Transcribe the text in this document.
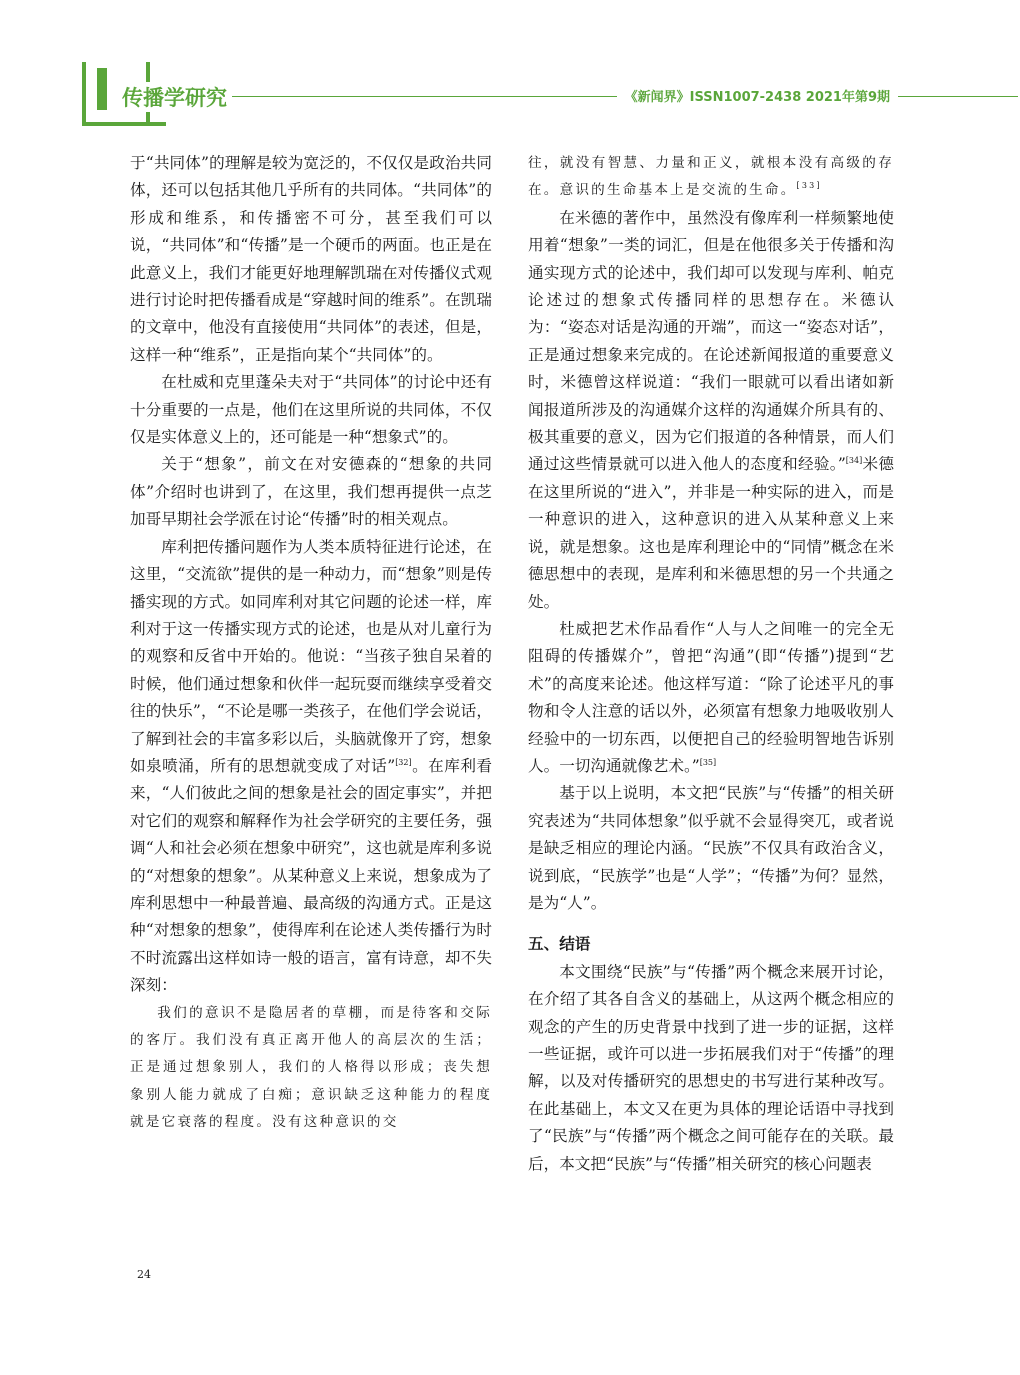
传播学研究	《新闻界》ISSN1007-2438 2021年第9期

于“共同体”的理解是较为宽泛的，不仅仅是政治共同体，还可以包括其他几乎所有的共同体。“共同体”的形成和维系，和传播密不可分，甚至我们可以说，“共同体”和“传播”是一个硬币的两面。也正是在此意义上，我们才能更好地理解凯瑞在对传播仪式观进行讨论时把传播看成是“穿越时间的维系”。在凯瑞的文章中，他没有直接使用“共同体”的表述，但是，这样一种“维系”，正是指向某个“共同体”的。

在杜威和克里蓬朵夫对于“共同体”的讨论中还有十分重要的一点是，他们在这里所说的共同体，不仅仅是实体意义上的，还可能是一种“想象式”的。

关于“想象”，前文在对安德森的“想象的共同体”介绍时也讲到了，在这里，我们想再提供一点芝加哥早期社会学派在讨论“传播”时的相关观点。

库利把传播问题作为人类本质特征进行论述，在这里，“交流欲”提供的是一种动力，而“想象”则是传播实现的方式。如同库利对其它问题的论述一样，库利对于这一传播实现方式的论述，也是从对儿童行为的观察和反省中开始的。他说：“当孩子独自呆着的时候，他们通过想象和伙伴一起玩耍而继续享受着交往的快乐”，“不论是哪一类孩子，在他们学会说话，了解到社会的丰富多彩以后，头脑就像开了窍，想象如泉喷涌，所有的思想就变成了对话”[32]。在库利看来，“人们彼此之间的想象是社会的固定事实”，并把对它们的观察和解释作为社会学研究的主要任务，强调“人和社会必须在想象中研究”，这也就是库利多说的“对想象的想象”。从某种意义上来说，想象成为了库利思想中一种最普遍、最高级的沟通方式。正是这种“对想象的想象”，使得库利在论述人类传播行为时不时流露出这样如诗一般的语言，富有诗意，却不失深刻：

我们的意识不是隐居者的草棚，而是待客和交际的客厅。我们没有真正离开他人的高层次的生活；正是通过想象别人，我们的人格得以形成；丧失想象别人能力就成了白痴；意识缺乏这种能力的程度就是它衰落的程度。没有这种意识的交

往，就没有智慧、力量和正义，就根本没有高级的存在。意识的生命基本上是交流的生命。[33]

在米德的著作中，虽然没有像库利一样频繁地使用着“想象”一类的词汇，但是在他很多关于传播和沟通实现方式的论述中，我们却可以发现与库利、帕克论述过的想象式传播同样的思想存在。米德认为：“姿态对话是沟通的开端”，而这一“姿态对话”，正是通过想象来完成的。在论述新闻报道的重要意义时，米德曾这样说道：“我们一眼就可以看出诸如新闻报道所涉及的沟通媒介这样的沟通媒介所具有的、极其重要的意义，因为它们报道的各种情景，而人们通过这些情景就可以进入他人的态度和经验。”[34]米德在这里所说的“进入”，并非是一种实际的进入，而是一种意识的进入，这种意识的进入从某种意义上来说，就是想象。这也是库利理论中的“同情”概念在米德思想中的表现，是库利和米德思想的另一个共通之处。

杜威把艺术作品看作“人与人之间唯一的完全无阻碍的传播媒介”，曾把“沟通”(即“传播”)提到“艺术”的高度来论述。他这样写道：“除了论述平凡的事物和令人注意的话以外，必须富有想象力地吸收别人经验中的一切东西，以便把自己的经验明智地告诉别人。一切沟通就像艺术。”[35]

基于以上说明，本文把“民族”与“传播”的相关研究表述为“共同体想象”似乎就不会显得突兀，或者说是缺乏相应的理论内涵。“民族”不仅具有政治含义，说到底，“民族学”也是“人学”；“传播”为何？显然，是为“人”。

五、结语

本文围绕“民族”与“传播”两个概念来展开讨论，在介绍了其各自含义的基础上，从这两个概念相应的观念的产生的历史背景中找到了进一步的证据，这样一些证据，或许可以进一步拓展我们对于“传播”的理解，以及对传播研究的思想史的书写进行某种改写。在此基础上，本文又在更为具体的理论话语中寻找到了“民族”与“传播”两个概念之间可能存在的关联。最后，本文把“民族”与“传播”相关研究的核心问题表

24
